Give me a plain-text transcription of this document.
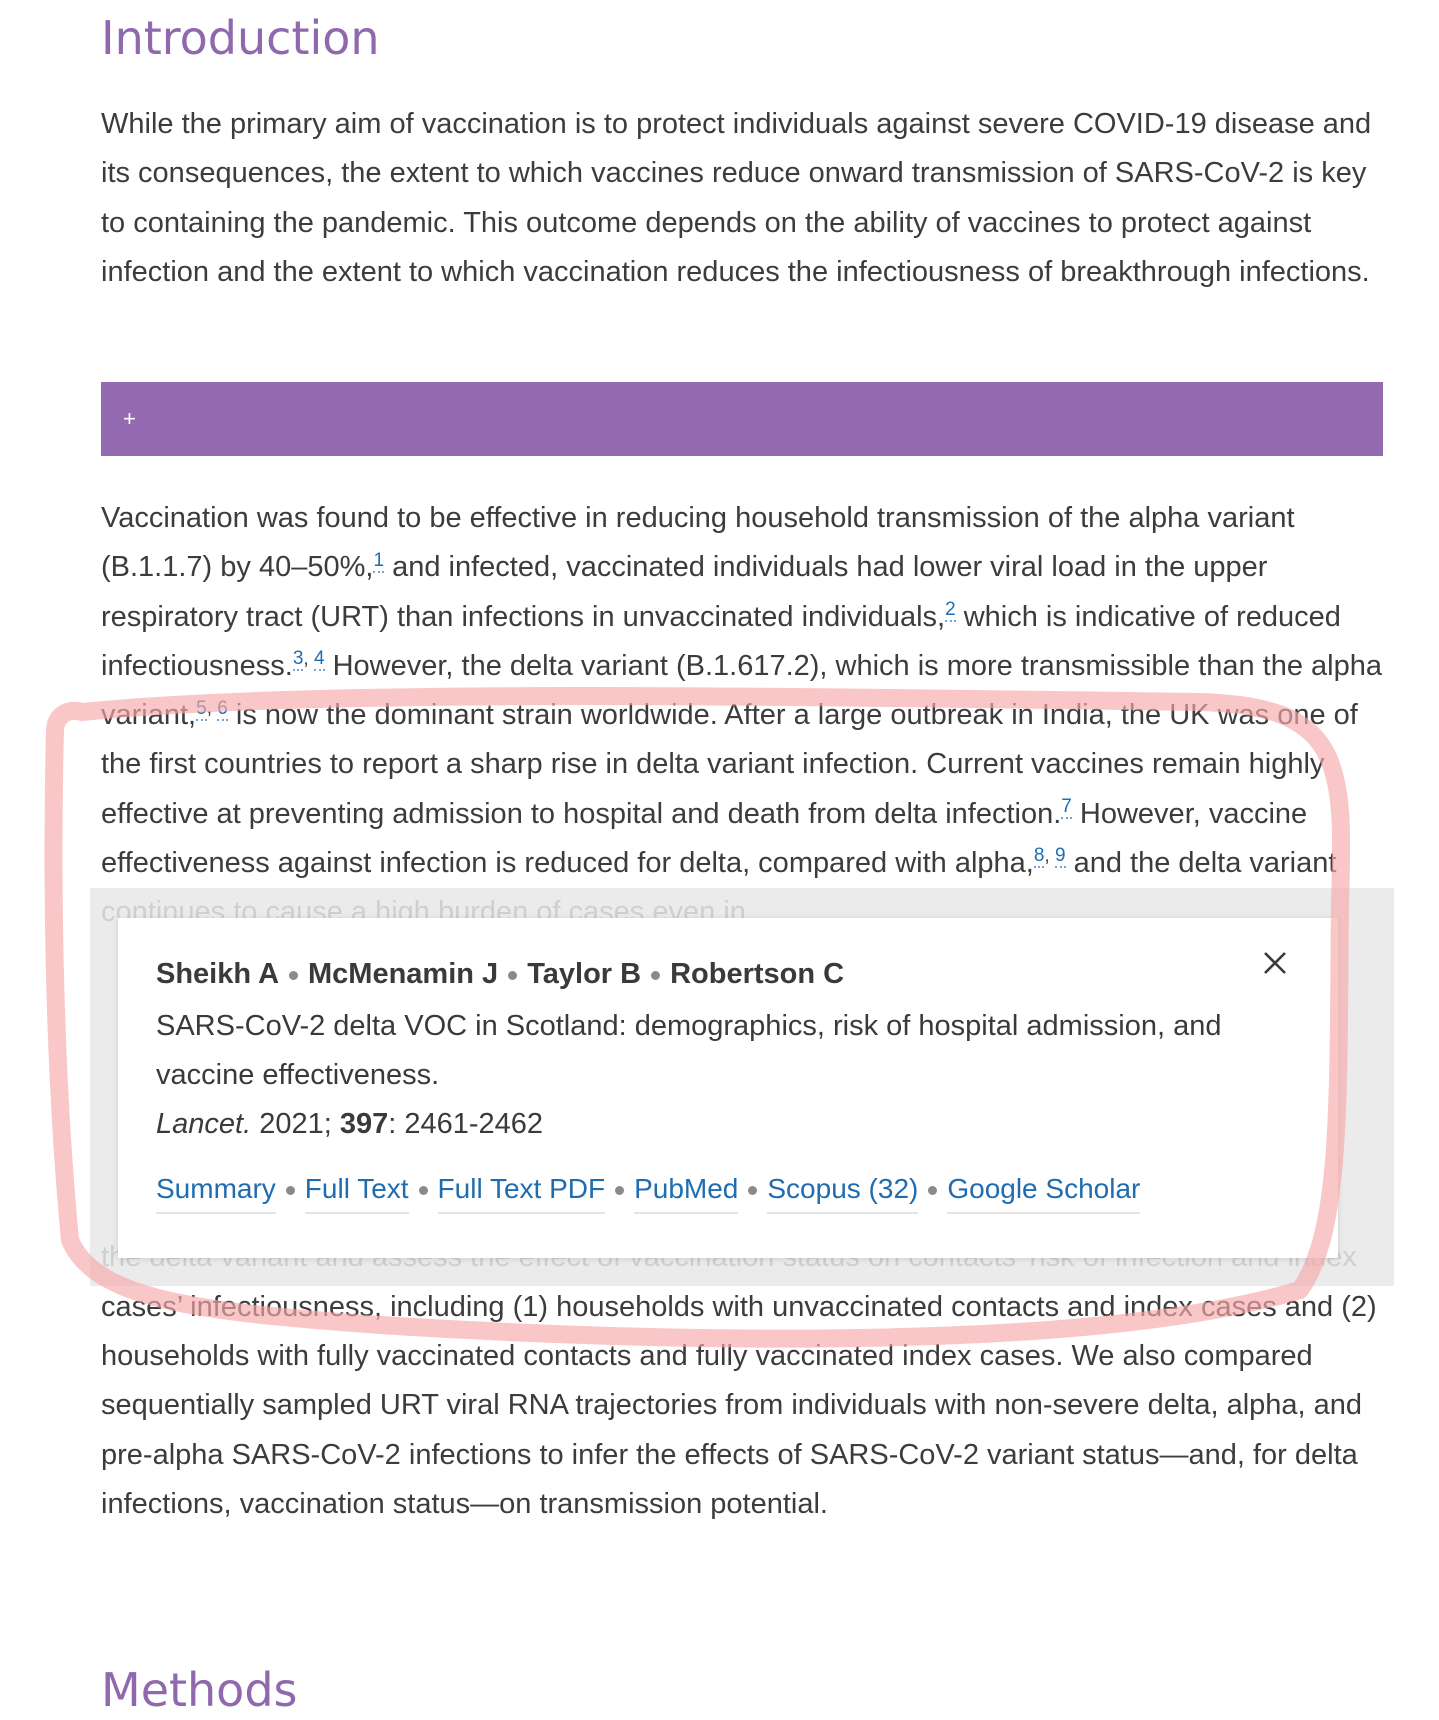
Introduction

While the primary aim of vaccination is to protect individuals against severe COVID-19 disease and its consequences, the extent to which vaccines reduce onward transmission of SARS-CoV-2 is key to containing the pandemic. This outcome depends on the ability of vaccines to protect against infection and the extent to which vaccination reduces the infectiousness of breakthrough infections.

+

Vaccination was found to be effective in reducing household transmission of the alpha variant (B.1.1.7) by 40–50%,$^1$ and infected, vaccinated individuals had lower viral load in the upper respiratory tract (URT) than infections in unvaccinated individuals,$^2$ which is indicative of reduced infectiousness.$^{3, 4}$ However, the delta variant (B.1.617.2), which is more transmissible than the alpha variant,$^{5, 6}$ is now the dominant strain worldwide. After a large outbreak in India, the UK was one of the first countries to report a sharp rise in delta variant infection. Current vaccines remain highly effective at preventing admission to hospital and death from delta infection.$^7$ However, vaccine effectiveness against infection is reduced for delta, compared with alpha,$^{8, 9}$ and the delta variant

cases’ infectiousness, including (1) households with unvaccinated contacts and index cases and (2) households with fully vaccinated contacts and fully vaccinated index cases. We also compared sequentially sampled URT viral RNA trajectories from individuals with non-severe delta, alpha, and pre-alpha SARS-CoV-2 infections to infer the effects of SARS-CoV-2 variant status—and, for delta infections, vaccination status—on transmission potential.

Methods
Sheikh A McMenamin J Taylor B Robertson C
SARS-CoV-2 delta VOC in Scotland: demographics, risk of hospital admission, and vaccine effectiveness.
Lancet. 2021; 397: 2461-2462
Summary Full Text Full Text PDF PubMed Scopus (32) Google Scholar
